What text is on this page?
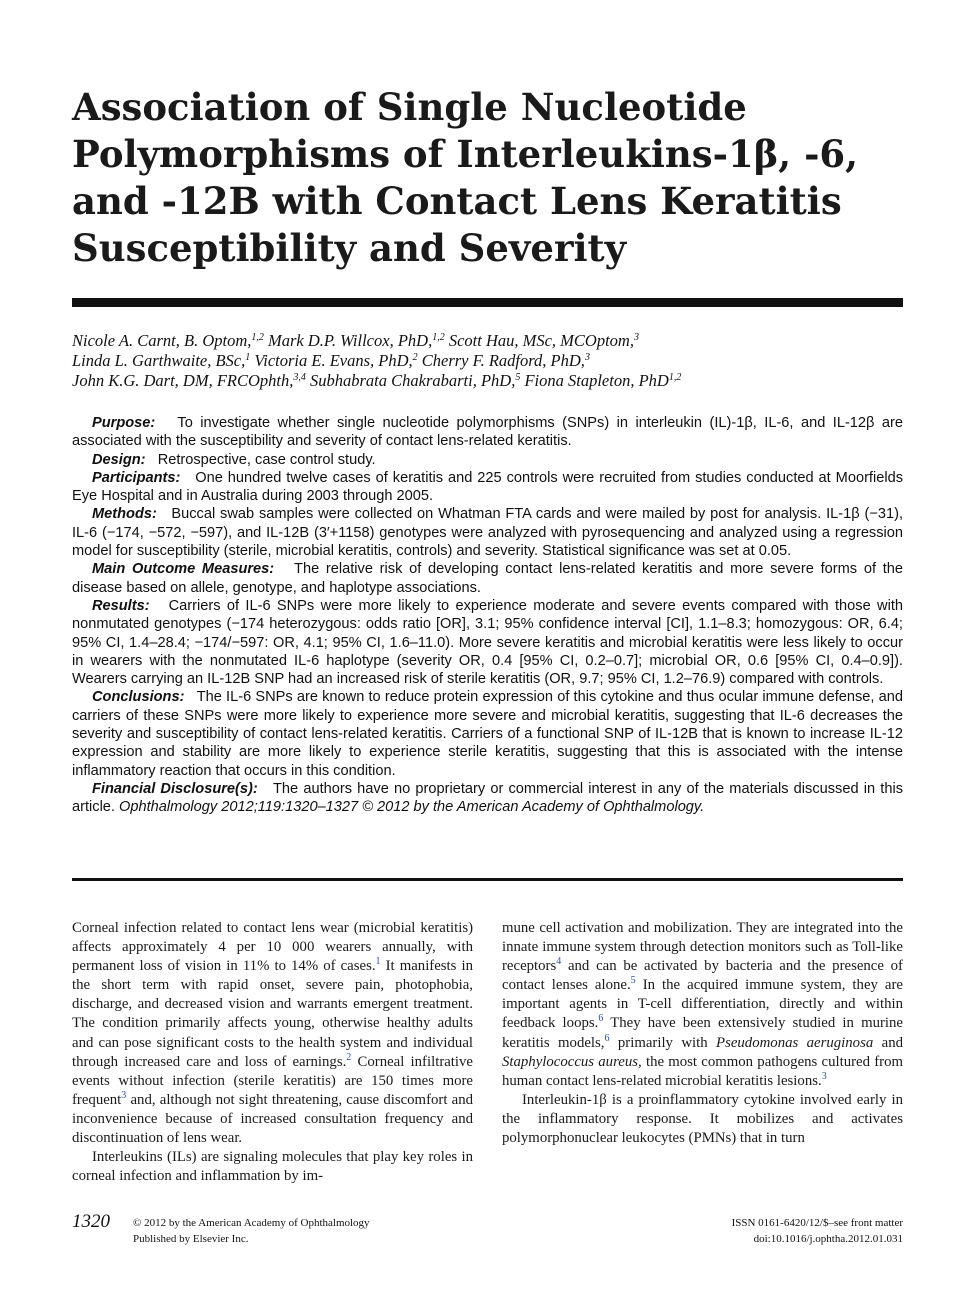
Association of Single Nucleotide
Polymorphisms of Interleukins-1β, -6,
and -12B with Contact Lens Keratitis
Susceptibility and Severity
Nicole A. Carnt, B. Optom,$^{1,2}$ Mark D.P. Willcox, PhD,$^{1,2}$ Scott Hau, MSc, MCOptom,$^3$
Linda L. Garthwaite, BSc,$^1$ Victoria E. Evans, PhD,$^2$ Cherry F. Radford, PhD,$^3$
John K.G. Dart, DM, FRCOphth,$^{3,4}$ Subhabrata Chakrabarti, PhD,$^5$ Fiona Stapleton, PhD$^{1,2}$

Purpose: To investigate whether single nucleotide polymorphisms (SNPs) in interleukin (IL)-1β, IL-6, and IL-12β are associated with the susceptibility and severity of contact lens-related keratitis.

Design: Retrospective, case control study.

Participants: One hundred twelve cases of keratitis and 225 controls were recruited from studies conducted at Moorfields Eye Hospital and in Australia during 2003 through 2005.

Methods: Buccal swab samples were collected on Whatman FTA cards and were mailed by post for analysis. IL-1β (−31), IL-6 (−174, −572, −597), and IL-12B (3′+1158) genotypes were analyzed with pyrosequencing and analyzed using a regression model for susceptibility (sterile, microbial keratitis, controls) and severity. Statistical significance was set at 0.05.

Main Outcome Measures: The relative risk of developing contact lens-related keratitis and more severe forms of the disease based on allele, genotype, and haplotype associations.

Results: Carriers of IL-6 SNPs were more likely to experience moderate and severe events compared with those with nonmutated genotypes (−174 heterozygous: odds ratio [OR], 3.1; 95% confidence interval [CI], 1.1–8.3; homozygous: OR, 6.4; 95% CI, 1.4–28.4; −174/−597: OR, 4.1; 95% CI, 1.6–11.0). More severe keratitis and microbial keratitis were less likely to occur in wearers with the nonmutated IL-6 haplotype (severity OR, 0.4 [95% CI, 0.2–0.7]; microbial OR, 0.6 [95% CI, 0.4–0.9]). Wearers carrying an IL-12B SNP had an increased risk of sterile keratitis (OR, 9.7; 95% CI, 1.2–76.9) compared with controls.

Conclusions: The IL-6 SNPs are known to reduce protein expression of this cytokine and thus ocular immune defense, and carriers of these SNPs were more likely to experience more severe and microbial keratitis, suggesting that IL-6 decreases the severity and susceptibility of contact lens-related keratitis. Carriers of a functional SNP of IL-12B that is known to increase IL-12 expression and stability are more likely to experience sterile keratitis, suggesting that this is associated with the intense inflammatory reaction that occurs in this condition.

Financial Disclosure(s): The authors have no proprietary or commercial interest in any of the materials discussed in this article. Ophthalmology 2012;119:1320–1327 © 2012 by the American Academy of Ophthalmology.

Corneal infection related to contact lens wear (microbial keratitis) affects approximately 4 per 10 000 wearers annually, with permanent loss of vision in 11% to 14% of cases.$^1$ It manifests in the short term with rapid onset, severe pain, photophobia, discharge, and decreased vision and warrants emergent treatment. The condition primarily affects young, otherwise healthy adults and can pose significant costs to the health system and individual through increased care and loss of earnings.$^2$ Corneal infiltrative events without infection (sterile keratitis) are 150 times more frequent$^3$ and, although not sight threatening, cause discomfort and inconvenience because of increased consultation frequency and discontinuation of lens wear.

Interleukins (ILs) are signaling molecules that play key roles in corneal infection and inflammation by im-

mune cell activation and mobilization. They are integrated into the innate immune system through detection monitors such as Toll-like receptors$^4$ and can be activated by bacteria and the presence of contact lenses alone.$^5$ In the acquired immune system, they are important agents in T-cell differentiation, directly and within feedback loops.$^6$ They have been extensively studied in murine keratitis models,$^6$ primarily with Pseudomonas aeruginosa and Staphylococcus aureus, the most common pathogens cultured from human contact lens-related microbial keratitis lesions.$^3$

Interleukin-1β is a proinflammatory cytokine involved early in the inflammatory response. It mobilizes and activates polymorphonuclear leukocytes (PMNs) that in turn

1320 © 2012 by the American Academy of Ophthalmology
Published by Elsevier Inc.
ISSN 0161-6420/12/$–see front matter
doi:10.1016/j.ophtha.2012.01.031
